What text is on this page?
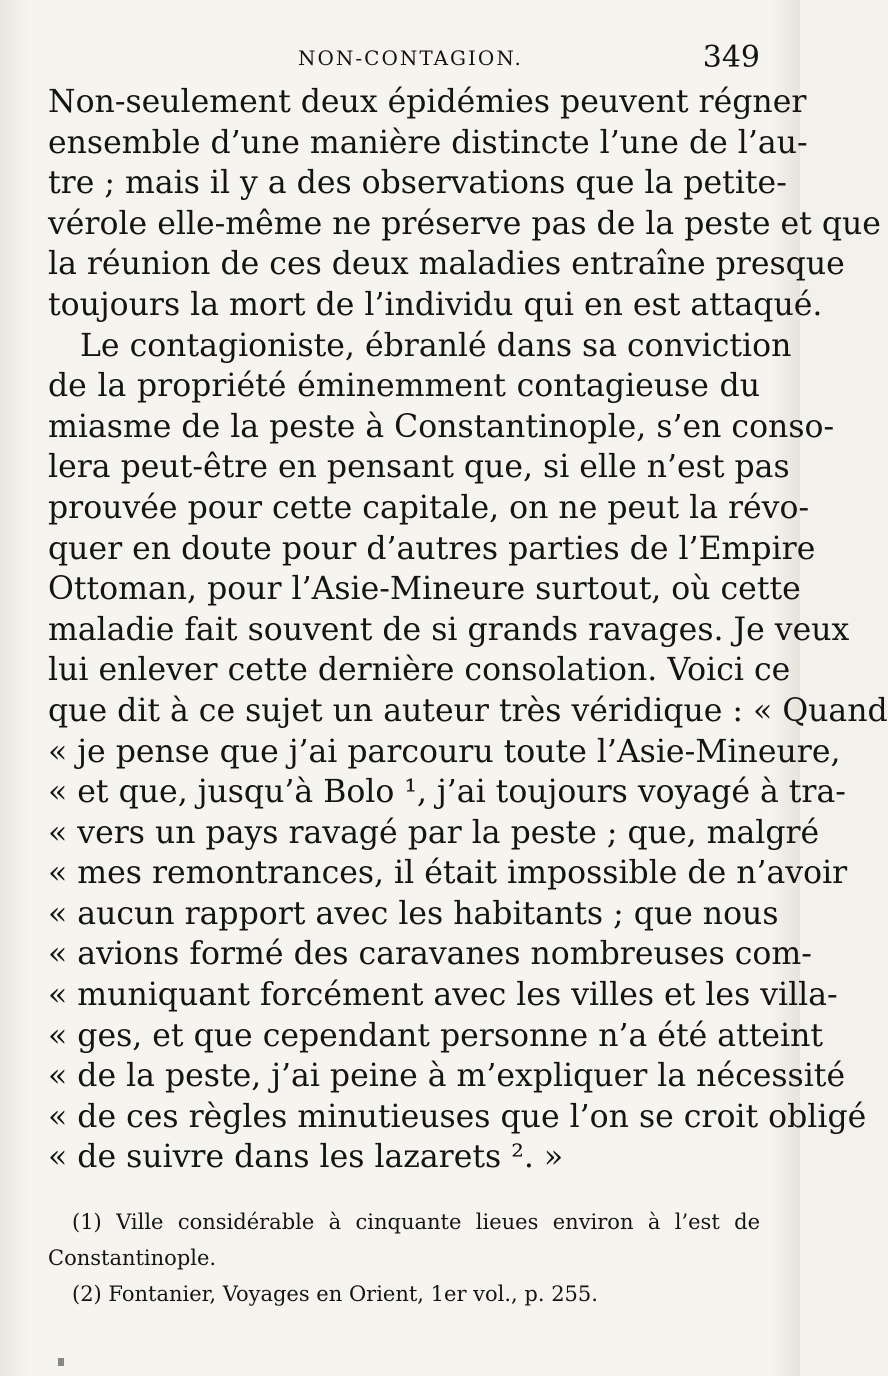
NON-CONTAGION.	349
Non-seulement deux épidémies peuvent régner
ensemble d’une manière distincte l’une de l’au-
tre ; mais il y a des observations que la petite-
vérole elle-même ne préserve pas de la peste et que
la réunion de ces deux maladies entraîne presque
toujours la mort de l’individu qui en est attaqué.
Le contagioniste, ébranlé dans sa conviction
de la propriété éminemment contagieuse du
miasme de la peste à Constantinople, s’en conso-
lera peut-être en pensant que, si elle n’est pas
prouvée pour cette capitale, on ne peut la révo-
quer en doute pour d’autres parties de l’Empire
Ottoman, pour l’Asie-Mineure surtout, où cette
maladie fait souvent de si grands ravages. Je veux
lui enlever cette dernière consolation. Voici ce
que dit à ce sujet un auteur très véridique : « Quand
« je pense que j’ai parcouru toute l’Asie-Mineure,
« et que, jusqu’à Bolo ¹, j’ai toujours voyagé à tra-
« vers un pays ravagé par la peste ; que, malgré
« mes remontrances, il était impossible de n’avoir
« aucun rapport avec les habitants ; que nous
« avions formé des caravanes nombreuses com-
« muniquant forcément avec les villes et les villa-
« ges, et que cependant personne n’a été atteint
« de la peste, j’ai peine à m’expliquer la nécessité
« de ces règles minutieuses que l’on se croit obligé
« de suivre dans les lazarets ². »
(1) Ville considérable à cinquante lieues environ à l’est de
Constantinople.
(2) Fontanier, Voyages en Orient, 1er vol., p. 255.
